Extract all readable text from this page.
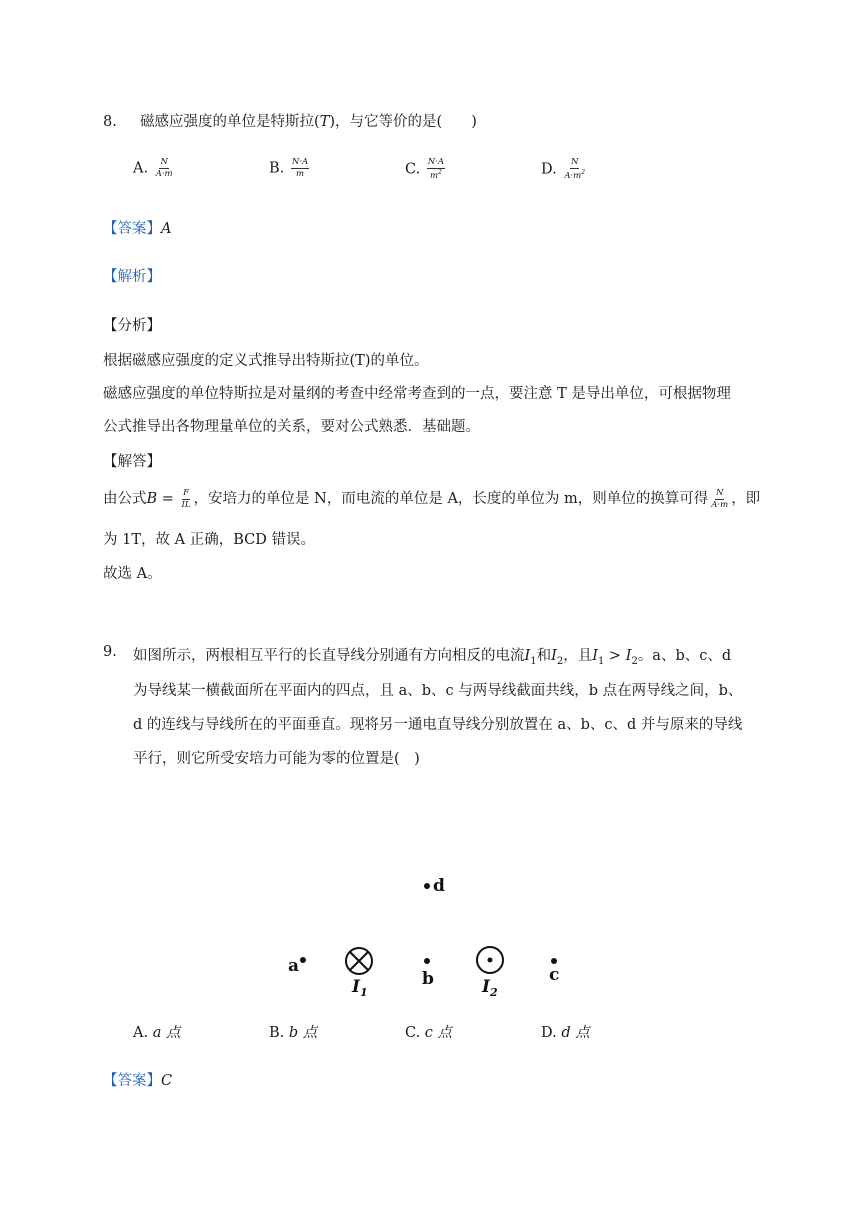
8. 磁感应强度的单位是特斯拉(T)，与它等价的是(　　)
A. $\frac{N}{A\cdot m}$	B. $\frac{N\cdot A}{m}$	C. $\frac{N\cdot A}{m^2}$	D. $\frac{N}{A\cdot m^2}$
【答案】A
【解析】
【分析】
根据磁感应强度的定义式推导出特斯拉(T)的单位。
磁感应强度的单位特斯拉是对量纲的考查中经常考查到的一点，要注意 T 是导出单位，可根据物理
公式推导出各物理量单位的关系，要对公式熟悉．基础题。
【解答】
由公式$B = \frac{F}{IL}$ ，安培力的单位是 N，而电流的单位是 A，长度的单位为 m，则单位的换算可得 $\frac{N}{A\cdot m}$ ，即
为 1T，故 A 正确，BCD 错误。
故选 A。
9. 如图所示，两根相互平行的长直导线分别通有方向相反的电流$I_1$和$I_2$，且$I_1 > I_2$。a、b、c、d
为导线某一横截面所在平面内的四点，且 a、b、c 与两导线截面共线，b 点在两导线之间，b、
d 的连线与导线所在的平面垂直。现将另一通电直导线分别放置在 a、b、c、d 并与原来的导线
平行，则它所受安培力可能为零的位置是(　)
d
a
$I_1$
b	$I_2$
c
A. a 点	B. b 点	C. c 点	D. d 点
【答案】C
